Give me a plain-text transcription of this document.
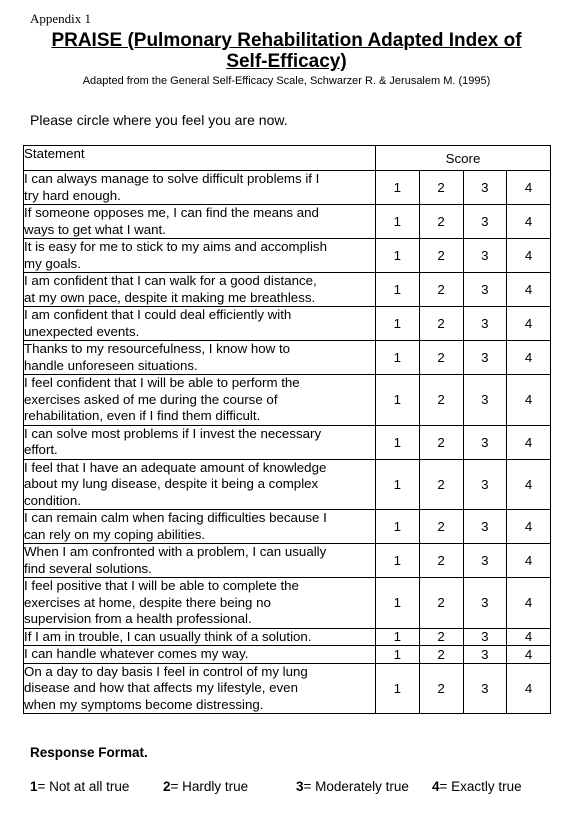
Appendix 1
PRAISE (Pulmonary Rehabilitation Adapted Index of
Self-Efficacy)
Adapted from the General Self-Efficacy Scale, Schwarzer R. & Jerusalem M. (1995)
Please circle where you feel you are now.
Statement	Score			

I can always manage to solve difficult problems if I
try hard enough.	1	2	3	4

If someone opposes me, I can find the means and
ways to get what I want.	1	2	3	4

It is easy for me to stick to my aims and accomplish
my goals.	1	2	3	4

I am confident that I can walk for a good distance,
at my own pace, despite it making me breathless.	1	2	3	4

I am confident that I could deal efficiently with
unexpected events.	1	2	3	4

Thanks to my resourcefulness, I know how to
handle unforeseen situations.	1	2	3	4

I feel confident that I will be able to perform the
exercises asked of me during the course of
rehabilitation, even if I find them difficult.	1	2	3	4

I can solve most problems if I invest the necessary
effort.	1	2	3	4

I feel that I have an adequate amount of knowledge
about my lung disease, despite it being a complex
condition.	1	2	3	4

I can remain calm when facing difficulties because I
can rely on my coping abilities.	1	2	3	4

When I am confronted with a problem, I can usually
find several solutions.	1	2	3	4

I feel positive that I will be able to complete the
exercises at home, despite there being no
supervision from a health professional.	1	2	3	4

If I am in trouble, I can usually think of a solution.	1	2	3	4

I can handle whatever comes my way.	1	2	3	4

On a day to day basis I feel in control of my lung
disease and how that affects my lifestyle, even
when my symptoms become distressing.	1	2	3	4
Response Format.
1= Not at all true 2= Hardly true	3= Moderately true 4= Exactly true
